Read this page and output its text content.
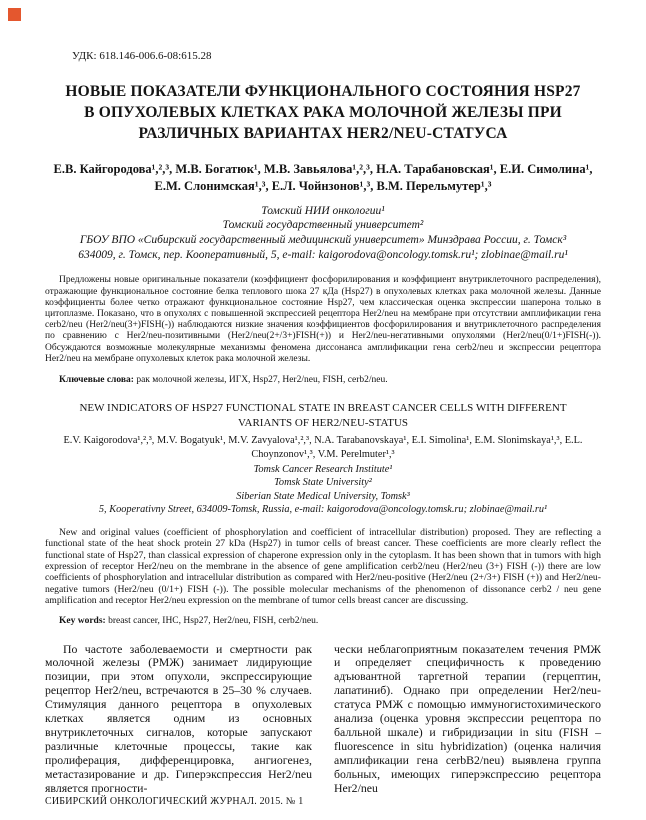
УДК: 618.146-006.6-08:615.28
НОВЫЕ ПОКАЗАТЕЛИ ФУНКЦИОНАЛЬНОГО СОСТОЯНИЯ HSP27 В ОПУХОЛЕВЫХ КЛЕТКАХ РАКА МОЛОЧНОЙ ЖЕЛЕЗЫ ПРИ РАЗЛИЧНЫХ ВАРИАНТАХ HER2/NEU-СТАТУСА
Е.В. Кайгородова¹,²,³, М.В. Богатюк¹, М.В. Завьялова¹,²,³, Н.А. Тарабановская¹, Е.И. Симолина¹, Е.М. Слонимская¹,³, Е.Л. Чойнзонов¹,³, В.М. Перельмутер¹,³
Томский НИИ онкологии¹
Томский государственный университет²
ГБОУ ВПО «Сибирский государственный медицинский университет» Минздрава России, г. Томск³
634009, г. Томск, пер. Кооперативный, 5, e-mail: kaigorodova@oncology.tomsk.ru¹; zlobinae@mail.ru¹

Предложены новые оригинальные показатели (коэффициент фосфорилирования и коэффициент внутриклеточного распределения), отражающие функциональное состояние белка теплового шока 27 кДа (Hsp27) в опухолевых клетках рака молочной железы. Данные коэффициенты более четко отражают функциональное состояние Hsp27, чем классическая оценка экспрессии шаперона только в цитоплазме. Показано, что в опухолях с повышенной экспрессией рецептора Her2/neu на мембране при отсутствии амплификации гена cerb2/neu (Her2/neu(3+)FISH(-)) наблюдаются низкие значения коэффициентов фосфорилирования и внутриклеточного распределения по сравнению с Her2/neu-позитивными (Her2/neu(2+/3+)FISH(+)) и Her2/neu-негативными опухолями (Her2/neu(0/1+)FISH(-)). Обсуждаются возможные молекулярные механизмы феномена диссонанса амплификации гена cerb2/neu и экспрессии рецептора Her2/neu на мембране опухолевых клеток рака молочной железы.

Ключевые слова: рак молочной железы, ИГХ, Hsp27, Her2/neu, FISH, cerb2/neu.

NEW INDICATORS OF HSP27 FUNCTIONAL STATE IN BREAST CANCER CELLS WITH DIFFERENT VARIANTS OF HER2/NEU-STATUS
E.V. Kaigorodova¹,²,³, M.V. Bogatyuk¹, M.V. Zavyalova¹,²,³, N.A. Tarabanovskaya¹, E.I. Simolina¹, E.M. Slonimskaya¹,³, E.L. Choynzonov¹,³, V.M. Perelmuter¹,³
Tomsk Cancer Research Institute¹
Tomsk State University²
Siberian State Medical University, Tomsk³
5, Kooperativny Street, 634009-Tomsk, Russia, e-mail: kaigorodova@oncology.tomsk.ru; zlobinae@mail.ru¹

New and original values (coefficient of phosphorylation and coefficient of intracellular distribution) proposed. They are reflecting a functional state of the heat shock protein 27 kDa (Hsp27) in tumor cells of breast cancer. These coefficients are more clearly reflect the functional state of Hsp27, than classical expression of chaperone expression only in the cytoplasm. It has been shown that in tumors with high expression of receptor Her2/neu on the membrane in the absence of gene amplification cerb2/neu (Her2/neu (3+) FISH (-)) there are low coefficients of phosphorylation and intracellular distribution as compared with Her2/neu-positive (Her2/neu (2+/3+) FISH (+)) and Her2/neu-negative tumors (Her2/neu (0/1+) FISH (-)). The possible molecular mechanisms of the phenomenon of dissonance cerb2 / neu gene amplification and receptor Her2/neu expression on the membrane of tumor cells breast cancer are discussing.

Key words: breast cancer, IHC, Hsp27, Her2/neu, FISH, cerb2/neu.

По частоте заболеваемости и смертности рак молочной железы (РМЖ) занимает лидирующие позиции, при этом опухоли, экспрессирующие рецептор Her2/neu, встречаются в 25–30 % случаев. Стимуляция данного рецептора в опухолевых клетках является одним из основных внутриклеточных сигналов, которые запускают различные клеточные процессы, такие как пролиферация, дифференцировка, ангиогенез, метастазирование и др. Гиперэкспрессия Her2/neu является прогности-

чески неблагоприятным показателем течения РМЖ и определяет специфичность к проведению адъювантной таргетной терапии (герцептин, лапатиниб). Однако при определении Her2/neu-статуса РМЖ с помощью иммуногистохимического анализа (оценка уровня экспрессии рецептора по балльной шкале) и гибридизации in situ (FISH – fluorescence in situ hybridization) (оценка наличия амплификации гена cerbB2/neu) выявлена группа больных, имеющих гиперэкспрессию рецептора Her2/neu

СИБИРСКИЙ ОНКОЛОГИЧЕСКИЙ ЖУРНАЛ. 2015. № 1
